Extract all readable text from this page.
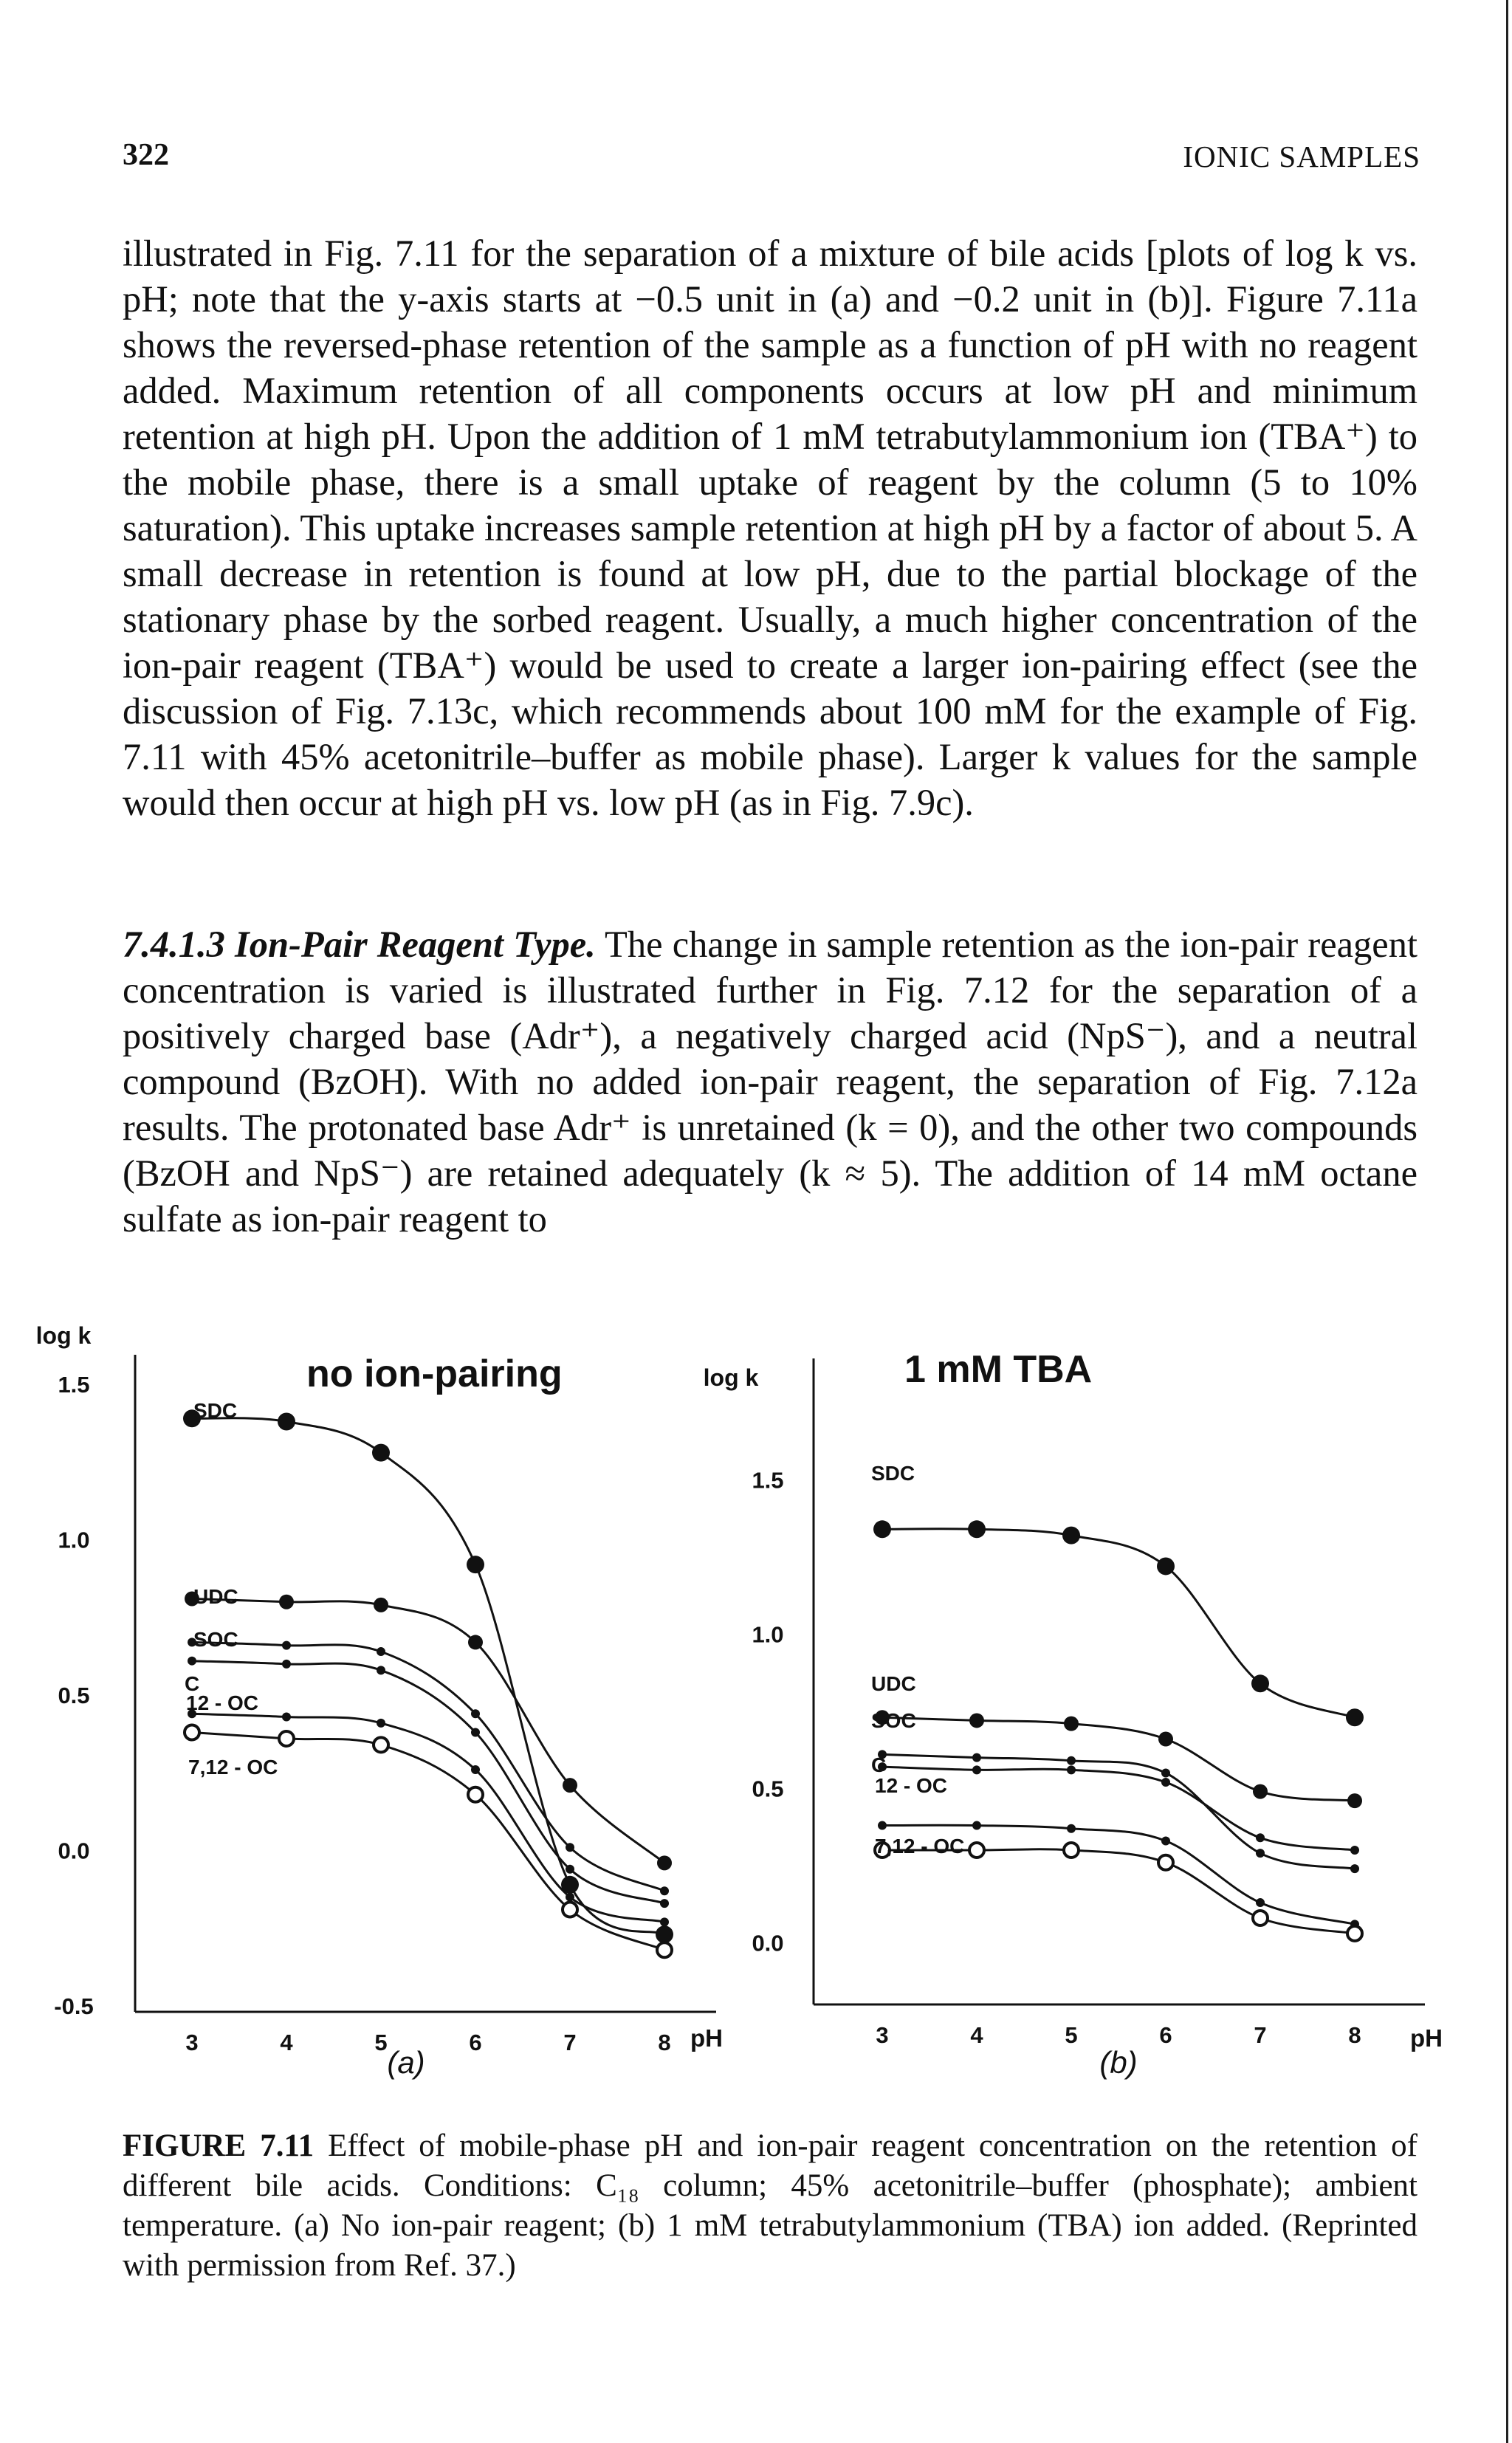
322	IONIC SAMPLES

illustrated in Fig. 7.11 for the separation of a mixture of bile acids [plots of log k vs. pH; note that the y-axis starts at −0.5 unit in (a) and −0.2 unit in (b)]. Figure 7.11a shows the reversed-phase retention of the sample as a function of pH with no reagent added. Maximum retention of all components occurs at low pH and minimum retention at high pH. Upon the addition of 1 mM tetrabutylammonium ion (TBA⁺) to the mobile phase, there is a small uptake of reagent by the column (5 to 10% saturation). This uptake increases sample retention at high pH by a factor of about 5. A small decrease in retention is found at low pH, due to the partial blockage of the stationary phase by the sorbed reagent. Usually, a much higher concentration of the ion-pair reagent (TBA⁺) would be used to create a larger ion-pairing effect (see the discussion of Fig. 7.13c, which recommends about 100 mM for the example of Fig. 7.11 with 45% acetonitrile–buffer as mobile phase). Larger k values for the sample would then occur at high pH vs. low pH (as in Fig. 7.9c).

7.4.1.3 Ion-Pair Reagent Type. The change in sample retention as the ion-pair reagent concentration is varied is illustrated further in Fig. 7.12 for the separation of a positively charged base (Adr⁺), a negatively charged acid (NpS⁻), and a neutral compound (BzOH). With no added ion-pair reagent, the separation of Fig. 7.12a results. The protonated base Adr⁺ is unretained (k = 0), and the other two compounds (BzOH and NpS⁻) are retained adequately (k ≈ 5). The addition of 14 mM octane sulfate as ion-pair reagent to

log k
1.5
1.0
0.5
0.0
-0.5
3	4	5	6	7	8 pH
no ion-pairing
(a)
SDC
UDC
SOC
C
12 - OC
7,12 - OC
log k
1.5
1.0
0.5
0.0
3	4	5	6	7	8 pH
1 mM TBA
(b)
SDC
UDC
SOC
C
12 - OC
7,12 - OC
FIGURE 7.11 Effect of mobile-phase pH and ion-pair reagent concentration on the retention of different bile acids. Conditions: C₁₈ column; 45% acetonitrile–buffer (phosphate); ambient temperature. (a) No ion-pair reagent; (b) 1 mM tetrabutylammonium (TBA) ion added. (Reprinted with permission from Ref. 37.)
